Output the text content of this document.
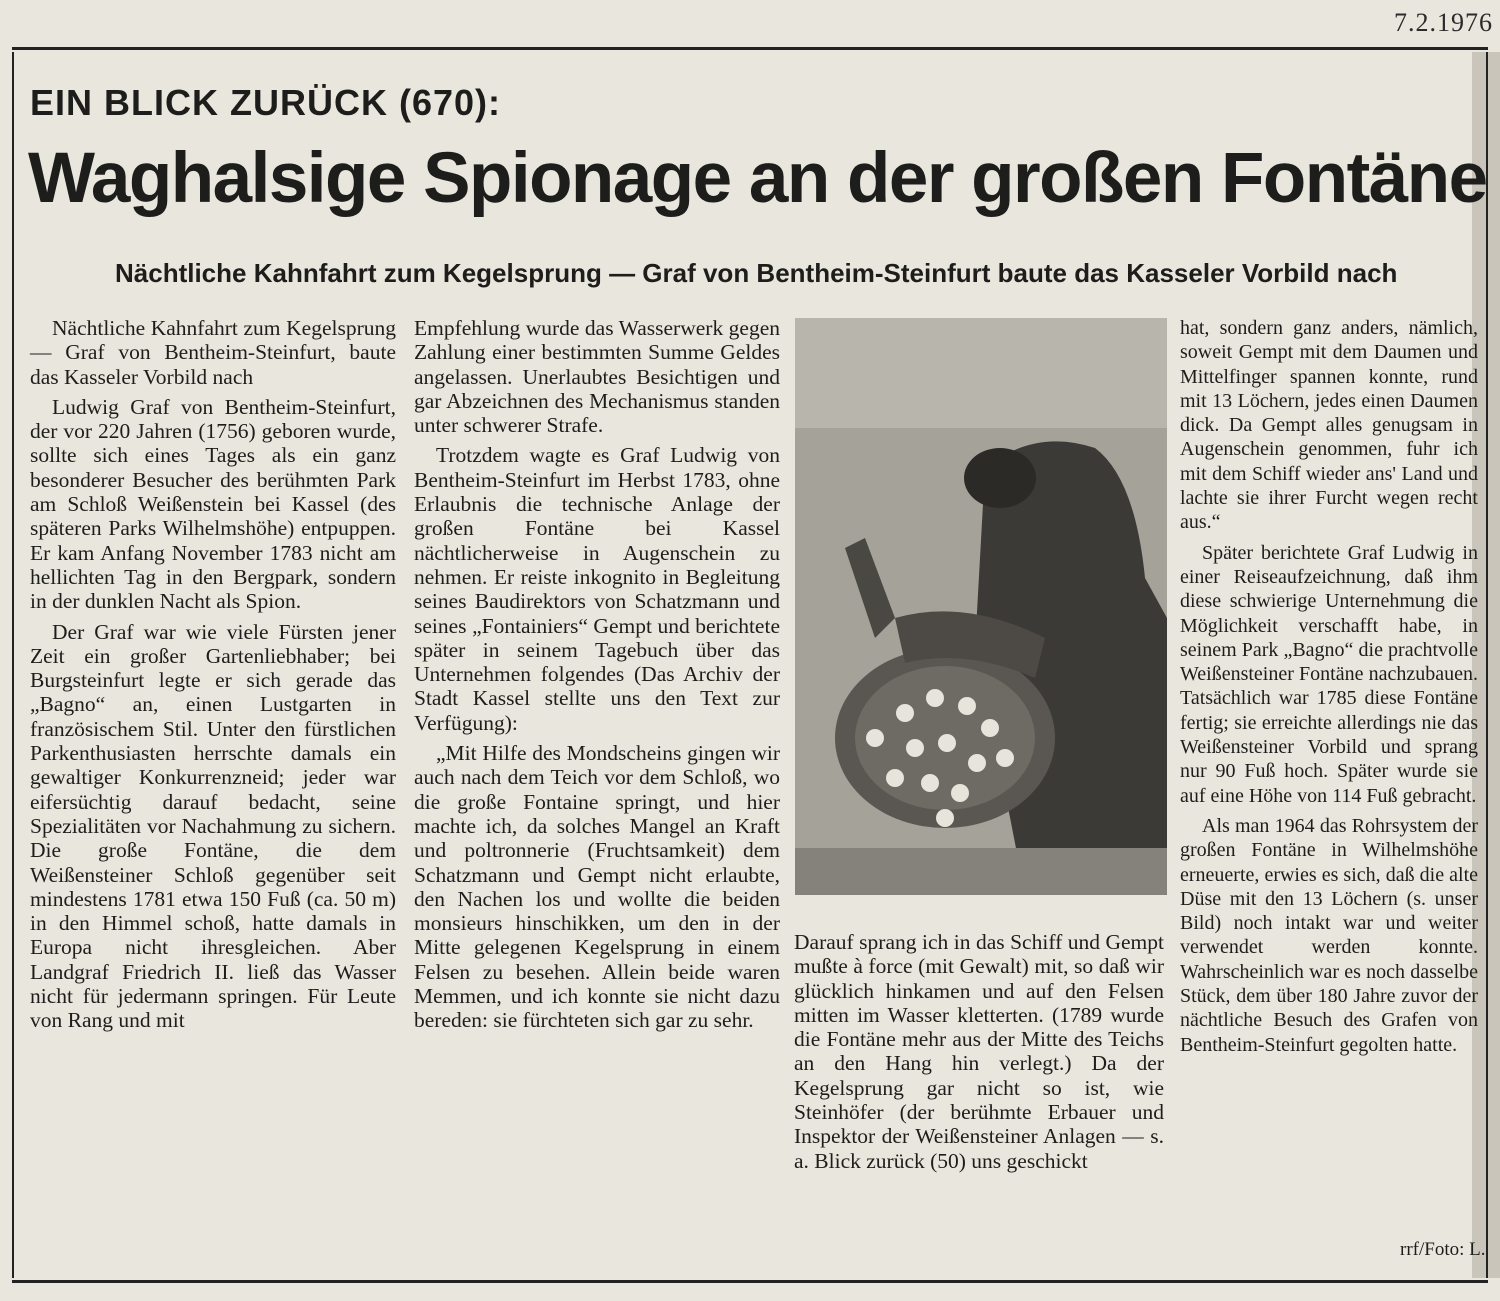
7.2.1976
EIN BLICK ZURÜCK (670):
Waghalsige Spionage an der großen Fontäne
Nächtliche Kahnfahrt zum Kegelsprung — Graf von Bentheim-Steinfurt baute das Kasseler Vorbild nach

Nächtliche Kahnfahrt zum Kegelsprung — Graf von Bentheim-Steinfurt, baute das Kasseler Vorbild nach

Ludwig Graf von Bentheim-Steinfurt, der vor 220 Jahren (1756) geboren wurde, sollte sich eines Tages als ein ganz besonderer Besucher des berühmten Park am Schloß Weißenstein bei Kassel (des späteren Parks Wilhelmshöhe) entpuppen. Er kam Anfang November 1783 nicht am hellichten Tag in den Bergpark, sondern in der dunklen Nacht als Spion.

Der Graf war wie viele Fürsten jener Zeit ein großer Gartenliebhaber; bei Burgsteinfurt legte er sich gerade das „Bagno“ an, einen Lustgarten in französischem Stil. Unter den fürstlichen Parkenthusiasten herrschte damals ein gewaltiger Konkurrenzneid; jeder war eifersüchtig darauf bedacht, seine Spezialitäten vor Nachahmung zu sichern. Die große Fontäne, die dem Weißensteiner Schloß gegenüber seit mindestens 1781 etwa 150 Fuß (ca. 50 m) in den Himmel schoß, hatte damals in Europa nicht ihresgleichen. Aber Landgraf Friedrich II. ließ das Wasser nicht für jedermann springen. Für Leute von Rang und mit

Empfehlung wurde das Wasserwerk gegen Zahlung einer bestimmten Summe Geldes angelassen. Unerlaubtes Besichtigen und gar Abzeichnen des Mechanismus standen unter schwerer Strafe.

Trotzdem wagte es Graf Ludwig von Bentheim-Steinfurt im Herbst 1783, ohne Erlaubnis die technische Anlage der großen Fontäne bei Kassel nächtlicherweise in Augenschein zu nehmen. Er reiste inkognito in Begleitung seines Baudirektors von Schatzmann und seines „Fontainiers“ Gempt und berichtete später in seinem Tagebuch über das Unternehmen folgendes (Das Archiv der Stadt Kassel stellte uns den Text zur Verfügung):

„Mit Hilfe des Mondscheins gingen wir auch nach dem Teich vor dem Schloß, wo die große Fontaine springt, und hier machte ich, da solches Mangel an Kraft und poltronnerie (Fruchtsamkeit) dem Schatzmann und Gempt nicht erlaubte, den Nachen los und wollte die beiden monsieurs hinschikken, um den in der Mitte gelegenen Kegelsprung in einem Felsen zu besehen. Allein beide waren Memmen, und ich konnte sie nicht dazu bereden: sie fürchteten sich gar zu sehr.

Darauf sprang ich in das Schiff und Gempt mußte à force (mit Gewalt) mit, so daß wir glücklich hinkamen und auf den Felsen mitten im Wasser kletterten. (1789 wurde die Fontäne mehr aus der Mitte des Teichs an den Hang hin verlegt.) Da der Kegelsprung gar nicht so ist, wie Steinhöfer (der berühmte Erbauer und Inspektor der Weißensteiner Anlagen — s. a. Blick zurück (50) uns geschickt

hat, sondern ganz anders, nämlich, soweit Gempt mit dem Daumen und Mittelfinger spannen konnte, rund mit 13 Löchern, jedes einen Daumen dick. Da Gempt alles genugsam in Augenschein genommen, fuhr ich mit dem Schiff wieder ans' Land und lachte sie ihrer Furcht wegen recht aus.“

Später berichtete Graf Ludwig in einer Reiseaufzeichnung, daß ihm diese schwierige Unternehmung die Möglichkeit verschafft habe, in seinem Park „Bagno“ die prachtvolle Weißensteiner Fontäne nachzubauen. Tatsächlich war 1785 diese Fontäne fertig; sie erreichte allerdings nie das Weißensteiner Vorbild und sprang nur 90 Fuß hoch. Später wurde sie auf eine Höhe von 114 Fuß gebracht.

Als man 1964 das Rohrsystem der großen Fontäne in Wilhelmshöhe erneuerte, erwies es sich, daß die alte Düse mit den 13 Löchern (s. unser Bild) noch intakt war und weiter verwendet werden konnte. Wahrscheinlich war es noch dasselbe Stück, dem über 180 Jahre zuvor der nächtliche Besuch des Grafen von Bentheim-Steinfurt gegolten hatte.

rrf/Foto: L.
